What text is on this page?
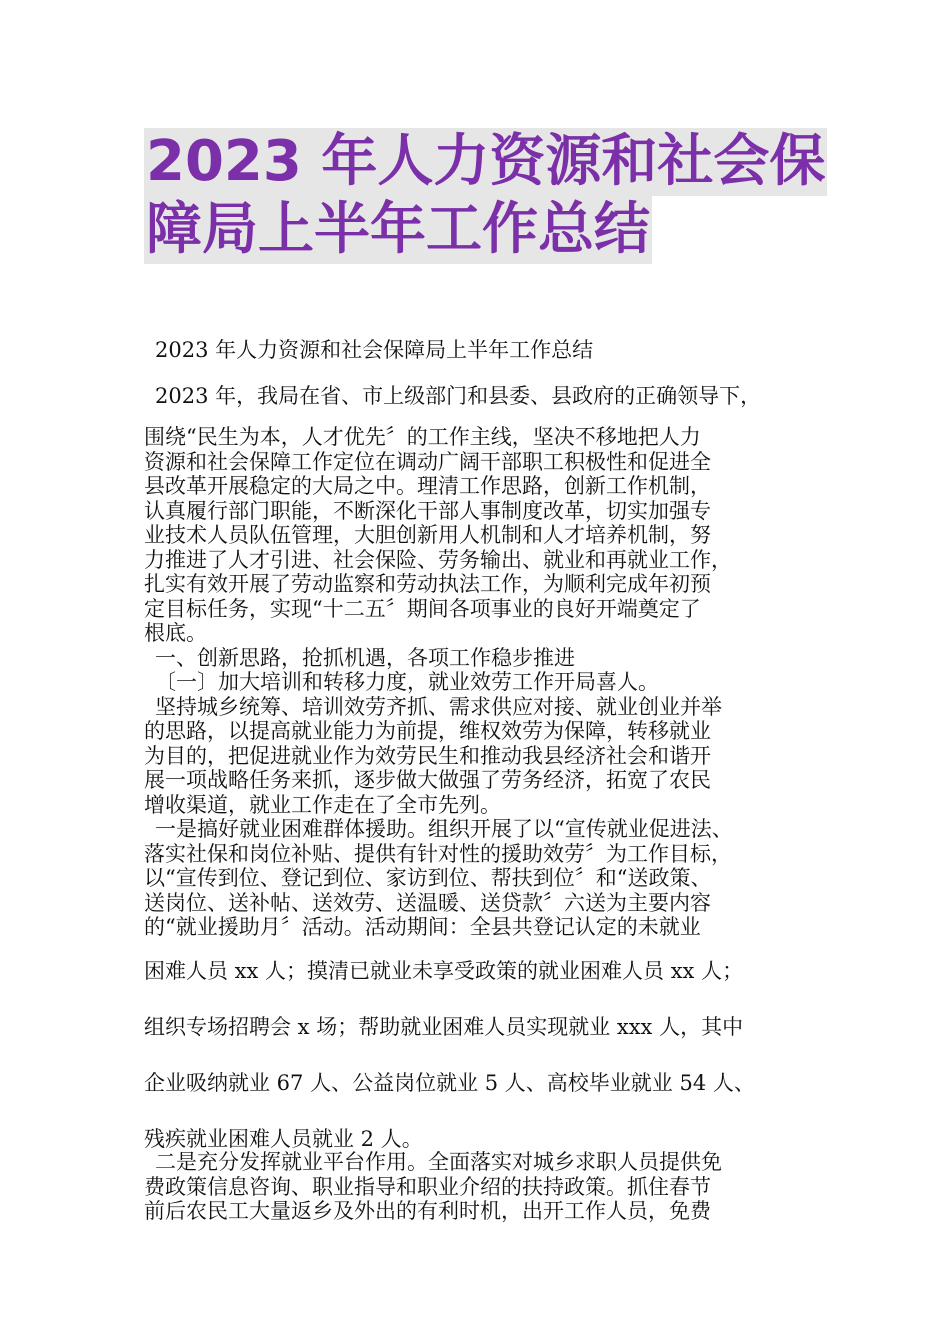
2023 年人力资源和社会保
障局上半年工作总结
2023 年人力资源和社会保障局上半年工作总结
2023 年，我局在省、市上级部门和县委、县政府的正确领导下，
围绕“民生为本，人才优先〞的工作主线，坚决不移地把人力
资源和社会保障工作定位在调动广阔干部职工积极性和促进全
县改革开展稳定的大局之中。理清工作思路，创新工作机制，
认真履行部门职能，不断深化干部人事制度改革，切实加强专
业技术人员队伍管理，大胆创新用人机制和人才培养机制，努
力推进了人才引进、社会保险、劳务输出、就业和再就业工作，
扎实有效开展了劳动监察和劳动执法工作，为顺利完成年初预
定目标任务，实现“十二五〞期间各项事业的良好开端奠定了
根底。
一、创新思路，抢抓机遇，各项工作稳步推进
〔一〕加大培训和转移力度，就业效劳工作开局喜人。
坚持城乡统筹、培训效劳齐抓、需求供应对接、就业创业并举
的思路，以提高就业能力为前提，维权效劳为保障，转移就业
为目的，把促进就业作为效劳民生和推动我县经济社会和谐开
展一项战略任务来抓，逐步做大做强了劳务经济，拓宽了农民
增收渠道，就业工作走在了全市先列。
一是搞好就业困难群体援助。组织开展了以“宣传就业促进法、
落实社保和岗位补贴、提供有针对性的援助效劳〞为工作目标，
以“宣传到位、登记到位、家访到位、帮扶到位〞和“送政策、
送岗位、送补帖、送效劳、送温暖、送贷款〞六送为主要内容
的“就业援助月〞活动。活动期间：全县共登记认定的未就业
困难人员 xx 人；摸清已就业未享受政策的就业困难人员 xx 人；
组织专场招聘会 x 场；帮助就业困难人员实现就业 xxx 人，其中
企业吸纳就业 67 人、公益岗位就业 5 人、高校毕业就业 54 人、
残疾就业困难人员就业 2 人。
二是充分发挥就业平台作用。全面落实对城乡求职人员提供免
费政策信息咨询、职业指导和职业介绍的扶持政策。抓住春节
前后农民工大量返乡及外出的有利时机，出开工作人员，免费
